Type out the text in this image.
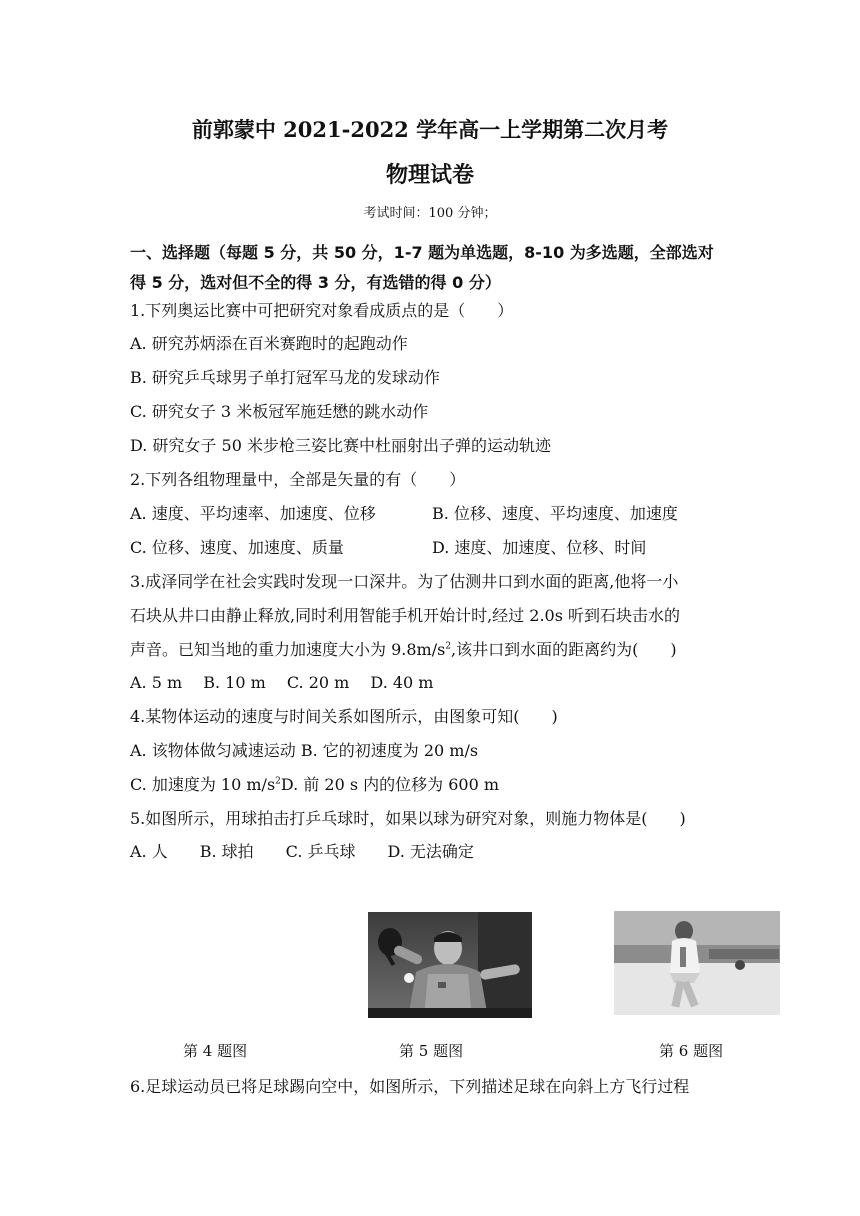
前郭蒙中 2021-2022 学年高一上学期第二次月考
物理试卷
考试时间：100 分钟；
一、选择题（每题 5 分，共 50 分，1-7 题为单选题，8-10 为多选题，全部选对
得 5 分，选对但不全的得 3 分，有选错的得 0 分）
1.下列奥运比赛中可把研究对象看成质点的是（　　）
A. 研究苏炳添在百米赛跑时的起跑动作
B. 研究乒乓球男子单打冠军马龙的发球动作
C. 研究女子 3 米板冠军施廷懋的跳水动作
D. 研究女子 50 米步枪三姿比赛中杜丽射出子弹的运动轨迹
2.下列各组物理量中，全部是矢量的有（　　）
A. 速度、平均速率、加速度、位移	B. 位移、速度、平均速度、加速度
C. 位移、速度、加速度、质量	D. 速度、加速度、位移、时间
3.成泽同学在社会实践时发现一口深井。为了估测井口到水面的距离,他将一小
石块从井口由静止释放,同时利用智能手机开始计时,经过 2.0s 听到石块击水的
声音。已知当地的重力加速度大小为 $9.8m/s^2$,该井口到水面的距离约为(　　)
A. 5 m　 B. 10 m　 C. 20 m　 D. 40 m
4.某物体运动的速度与时间关系如图所示，由图象可知(　　)
A. 该物体做匀减速运动 B. 它的初速度为 20 m/s
C. 加速度为 10 $m/s^2D$. 前 20 s 内的位移为 600 m
5.如图所示，用球拍击打乒乓球时，如果以球为研究对象，则施力物体是(　　)
A. 人　　B. 球拍　　C. 乒乓球　　D. 无法确定
第 4 题图	第 5 题图	第 6 题图
6.足球运动员已将足球踢向空中，如图所示，下列描述足球在向斜上方飞行过程
